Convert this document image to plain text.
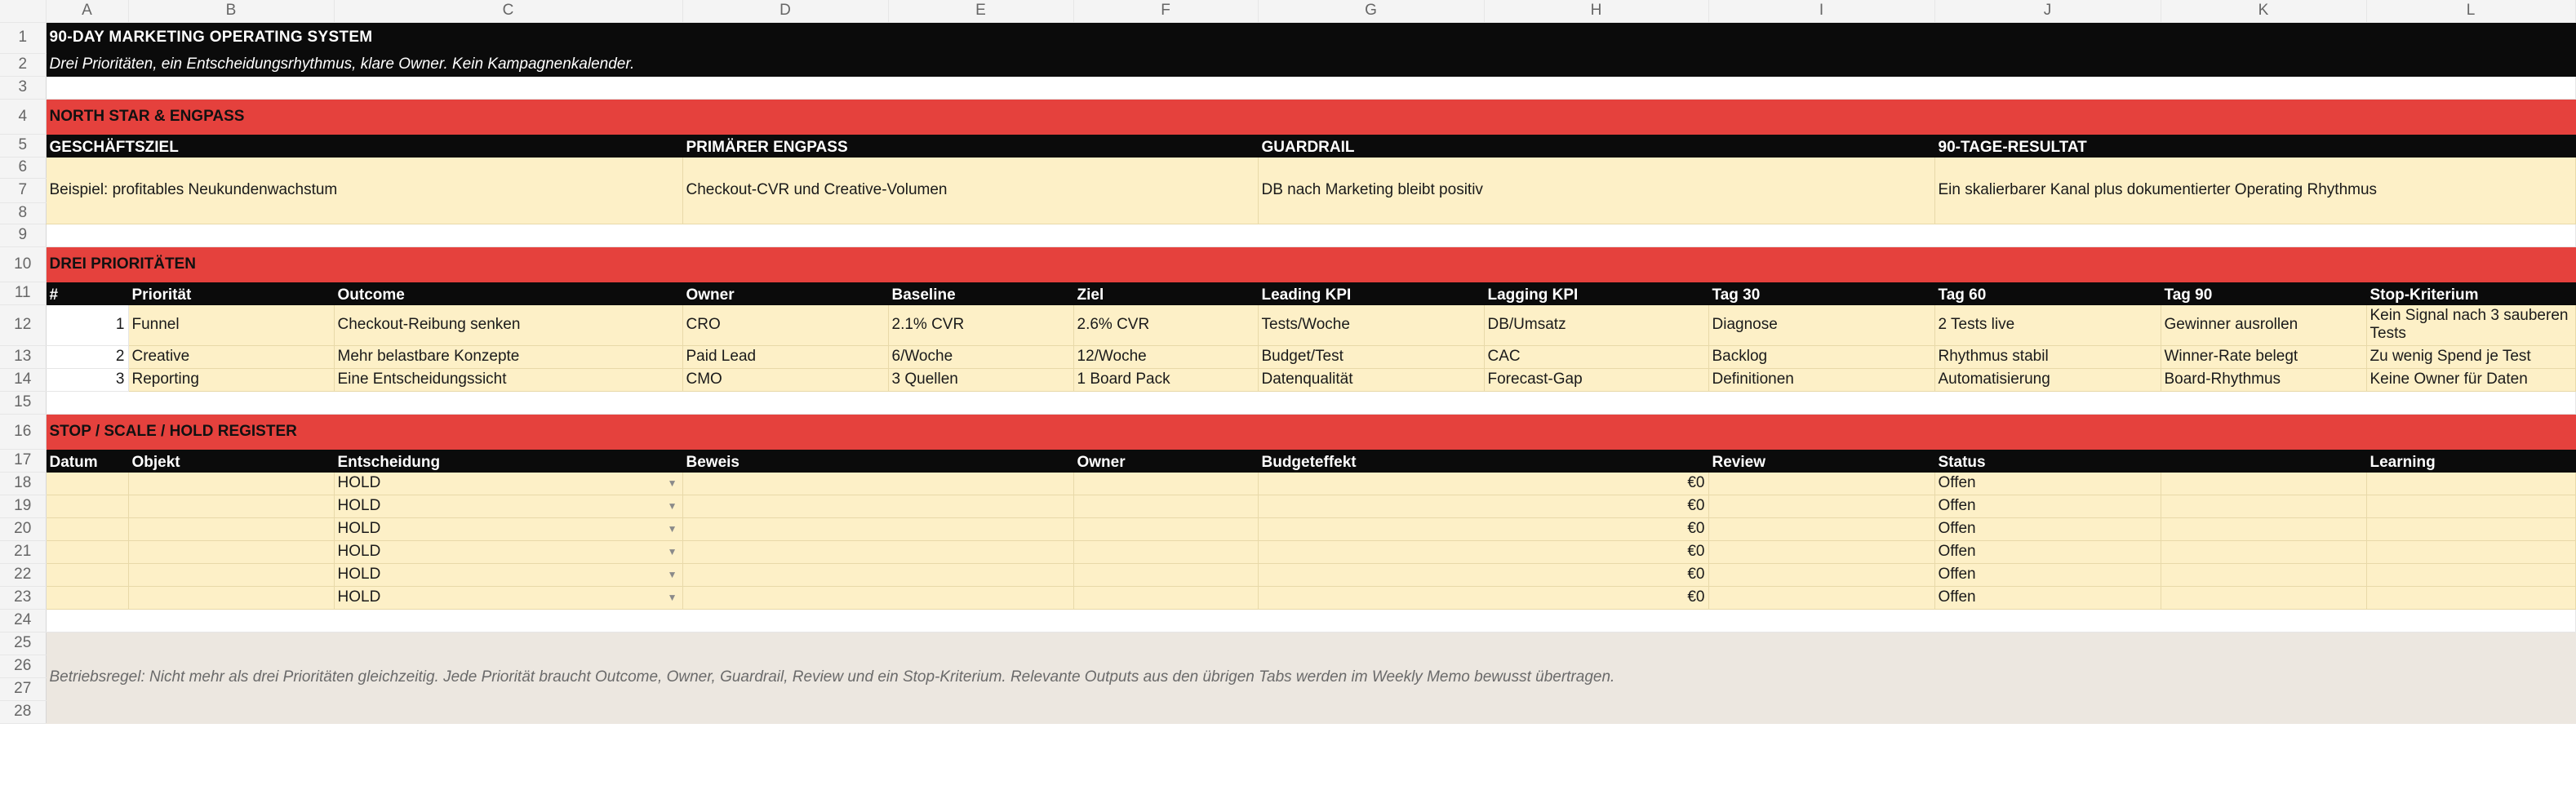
	A	B	C	D	E	F	G	H	I	J	K	L
1	90-DAY MARKETING OPERATING SYSTEM											
2	Drei Prioritäten, ein Entscheidungsrhythmus, klare Owner. Kein Kampagnenkalender.											
3												
4	NORTH STAR & ENGPASS											
5	GESCHÄFTSZIEL			PRIMÄRER ENGPASS			GUARDRAIL			90-TAGE-RESULTAT		
6	Beispiel: profitables Neukundenwachstum			Checkout-CVR und Creative-Volumen			DB nach Marketing bleibt positiv			Ein skalierbarer Kanal plus dokumentierter Operating Rhythmus		
7												
8												
9												
10	DREI PRIORITÄTEN											
11	#	Priorität	Outcome	Owner	Baseline	Ziel	Leading KPI	Lagging KPI	Tag 30	Tag 60	Tag 90	Stop-Kriterium
12	1	Funnel	Checkout-Reibung senken	CRO	2.1% CVR	2.6% CVR	Tests/Woche	DB/Umsatz	Diagnose	2 Tests live	Gewinner ausrollen	Kein Signal nach 3 sauberen Tests
13	2	Creative	Mehr belastbare Konzepte	Paid Lead	6/Woche	12/Woche	Budget/Test	CAC	Backlog	Rhythmus stabil	Winner-Rate belegt	Zu wenig Spend je Test
14	3	Reporting	Eine Entscheidungssicht	CMO	3 Quellen	1 Board Pack	Datenqualität	Forecast-Gap	Definitionen	Automatisierung	Board-Rhythmus	Keine Owner für Daten
15												
16	STOP / SCALE / HOLD REGISTER											
17	Datum	Objekt	Entscheidung	Beweis		Owner	Budgeteffekt		Review	Status		Learning
18			HOLD ▼				€0			Offen		
19			HOLD ▼				€0			Offen		
20			HOLD ▼				€0			Offen		
21			HOLD ▼				€0			Offen		
22			HOLD ▼				€0			Offen		
23			HOLD ▼				€0			Offen		
24												
25	Betriebsregel: Nicht mehr als drei Prioritäten gleichzeitig. Jede Priorität braucht Outcome, Owner, Guardrail, Review und ein Stop-Kriterium. Relevante Outputs aus den übrigen Tabs werden im Weekly Memo bewusst übertragen.											
26												
27												
28												
